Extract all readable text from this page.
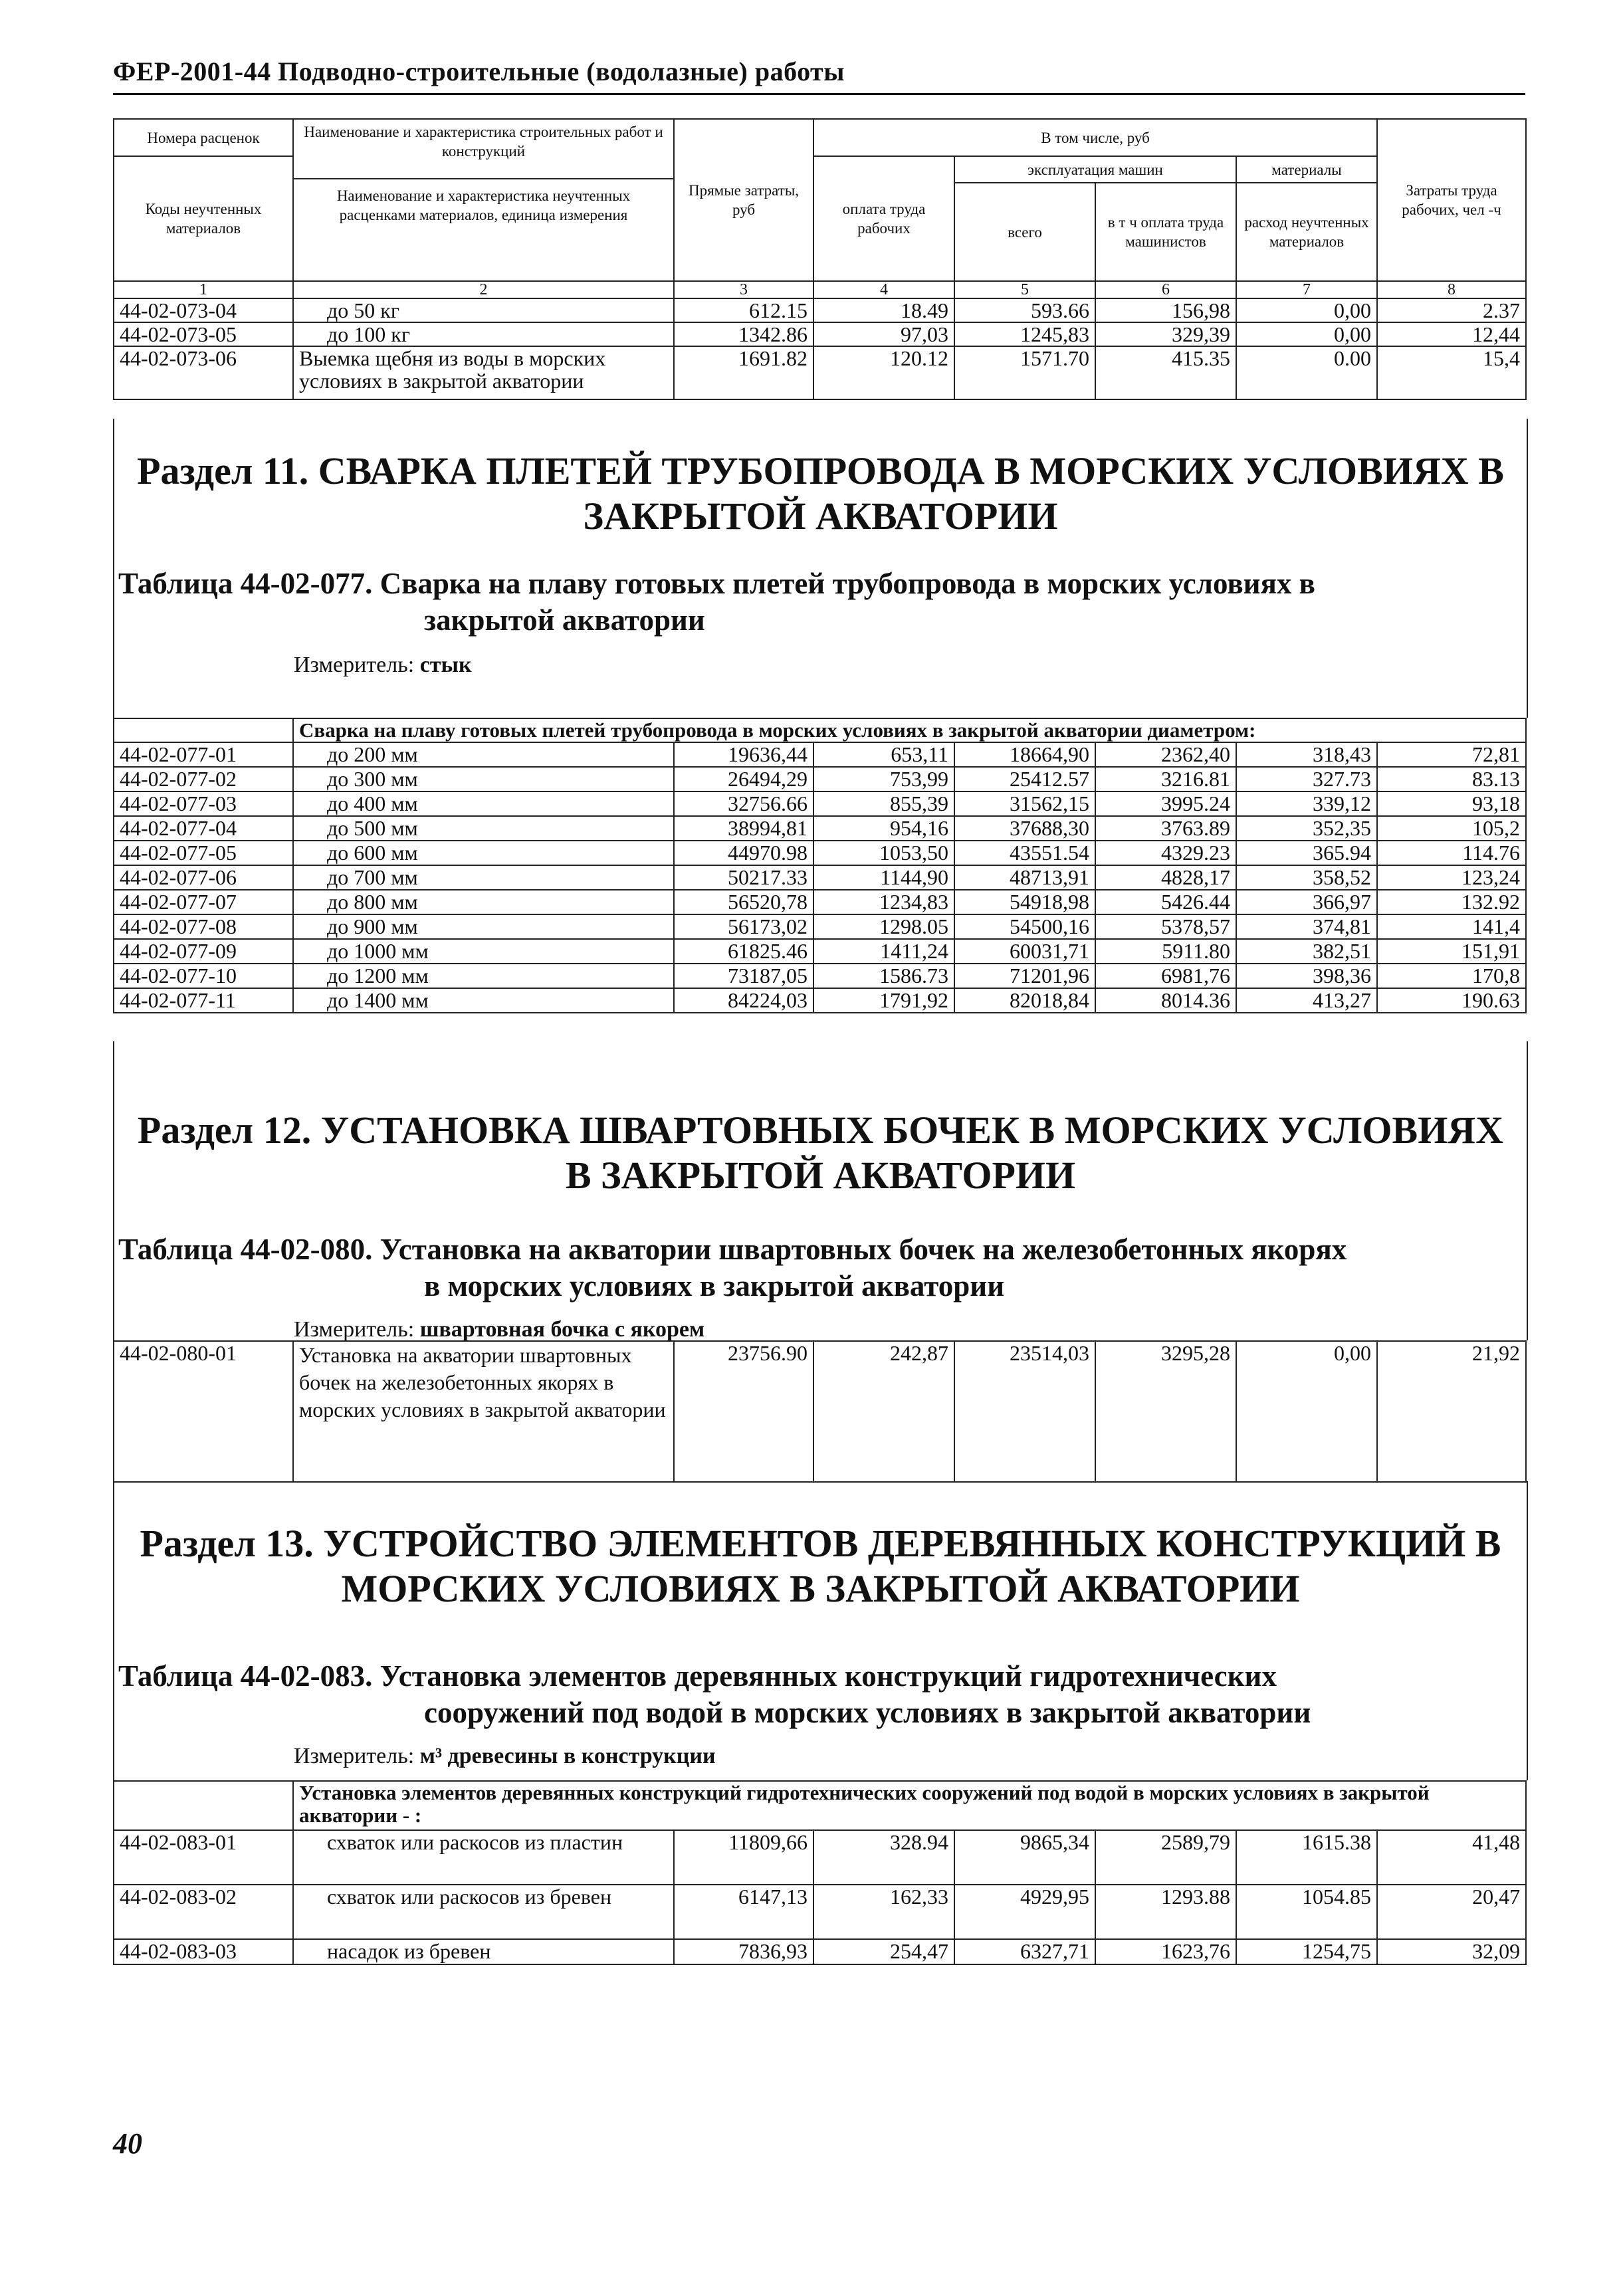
ФЕР-2001-44 Подводно-строительные (водолазные) работы
Номера расценок	Наименование и характеристика строительных работ и конструкций
Наименование и характеристика неучтенных расценками материалов, единица измерения	Прямые затраты, руб	В том числе, руб				Затраты труда рабочих, чел -ч
Коды неучтенных материалов			оплата труда рабочих	эксплуатация машин		материалы	
				всего	в т ч оплата труда машинистов	расход неучтенных материалов	
1	2	3	4	5	6	7	8
44-02-073-04	до 50 кг	612.15	18.49	593.66	156,98	0,00	2.37
44-02-073-05	до 100 кг	1342.86	97,03	1245,83	329,39	0,00	12,44
44-02-073-06	Выемка щебня из воды в морских условиях в закрытой акватории	1691.82	120.12	1571.70	415.35	0.00	15,4
Раздел 11. СВАРКА ПЛЕТЕЙ ТРУБОПРОВОДА В МОРСКИХ УСЛОВИЯХ В ЗАКРЫТОЙ АКВАТОРИИ
Таблица 44-02-077. Сварка на плаву готовых плетей трубопровода в морских условиях в
закрытой акватории
Измеритель: стык
	Сварка на плаву готовых плетей трубопровода в морских условиях в закрытой акватории диаметром:						
44-02-077-01	до 200 мм	19636,44	653,11	18664,90	2362,40	318,43	72,81
44-02-077-02	до 300 мм	26494,29	753,99	25412.57	3216.81	327.73	83.13
44-02-077-03	до 400 мм	32756.66	855,39	31562,15	3995.24	339,12	93,18
44-02-077-04	до 500 мм	38994,81	954,16	37688,30	3763.89	352,35	105,2
44-02-077-05	до 600 мм	44970.98	1053,50	43551.54	4329.23	365.94	114.76
44-02-077-06	до 700 мм	50217.33	1144,90	48713,91	4828,17	358,52	123,24
44-02-077-07	до 800 мм	56520,78	1234,83	54918,98	5426.44	366,97	132.92
44-02-077-08	до 900 мм	56173,02	1298.05	54500,16	5378,57	374,81	141,4
44-02-077-09	до 1000 мм	61825.46	1411,24	60031,71	5911.80	382,51	151,91
44-02-077-10	до 1200 мм	73187,05	1586.73	71201,96	6981,76	398,36	170,8
44-02-077-11	до 1400 мм	84224,03	1791,92	82018,84	8014.36	413,27	190.63
Раздел 12. УСТАНОВКА ШВАРТОВНЫХ БОЧЕК В МОРСКИХ УСЛОВИЯХ В ЗАКРЫТОЙ АКВАТОРИИ
Таблица 44-02-080. Установка на акватории швартовных бочек на железобетонных якорях
в морских условиях в закрытой акватории
Измеритель: швартовная бочка с якорем
44-02-080-01	Установка на акватории швартовных бочек на железобетонных якорях в морских условиях в закрытой акватории	23756.90	242,87	23514,03	3295,28	0,00	21,92
Раздел 13. УСТРОЙСТВО ЭЛЕМЕНТОВ ДЕРЕВЯННЫХ КОНСТРУКЦИЙ В МОРСКИХ УСЛОВИЯХ В ЗАКРЫТОЙ АКВАТОРИИ
Таблица 44-02-083. Установка элементов деревянных конструкций гидротехнических
сооружений под водой в морских условиях в закрытой акватории
Измеритель: м³ древесины в конструкции
	Установка элементов деревянных конструкций гидротехнических сооружений под водой в морских условиях в закрытой акватории - :						
44-02-083-01	схваток или раскосов из пластин	11809,66	328.94	9865,34	2589,79	1615.38	41,48
44-02-083-02	схваток или раскосов из бревен	6147,13	162,33	4929,95	1293.88	1054.85	20,47
44-02-083-03	насадок из бревен	7836,93	254,47	6327,71	1623,76	1254,75	32,09
40
